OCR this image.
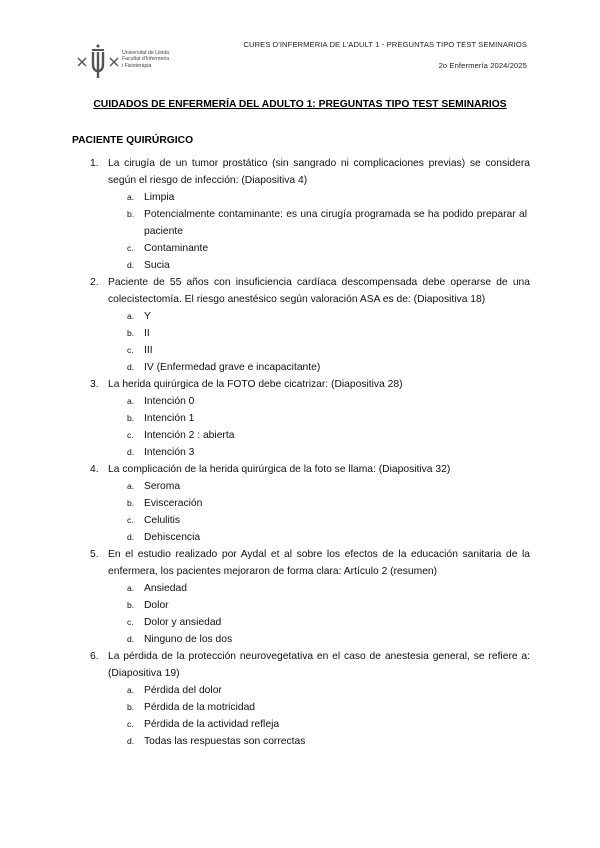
Universitat de Lleida
Facultat d'Infermeria
i Fisioteràpia
CURES D'INFERMERIA DE L'ADULT 1 - PREGUNTAS TIPO TEST SEMINARIOS
2o Enfermería 2024/2025
CUIDADOS DE ENFERMERÍA DEL ADULTO 1: PREGUNTAS TIPO TEST SEMINARIOS
PACIENTE QUIRÚRGICO
1. La cirugía de un tumor prostático (sin sangrado ni complicaciones previas) se considera según el riesgo de infección: (Diapositiva 4)
a. Limpia
b. Potencialmente contaminante: es una cirugía programada se ha podido preparar al paciente
c. Contaminante
d. Sucia
2. Paciente de 55 años con insuficiencia cardíaca descompensada debe operarse de una colecistectomía. El riesgo anestésico según valoración ASA es de: (Diapositiva 18)
a. Y
b. II
c. III
d. IV (Enfermedad grave e incapacitante)
3. La herida quirúrgica de la FOTO debe cicatrizar: (Diapositiva 28)
a. Intención 0
b. Intención 1
c. Intención 2 : abierta
d. Intención 3
4. La complicación de la herida quirúrgica de la foto se llama: (Diapositiva 32)
a. Seroma
b. Evisceración
c. Celulitis
d. Dehiscencia
5. En el estudio realizado por Aydal et al sobre los efectos de la educación sanitaria de la enfermera, los pacientes mejoraron de forma clara: Artículo 2 (resumen)
a. Ansiedad
b. Dolor
c. Dolor y ansiedad
d. Ninguno de los dos
6. La pérdida de la protección neurovegetativa en el caso de anestesia general, se refiere a: (Diapositiva 19)
a. Pérdida del dolor
b. Pérdida de la motricidad
c. Pérdida de la actividad refleja
d. Todas las respuestas son correctas
